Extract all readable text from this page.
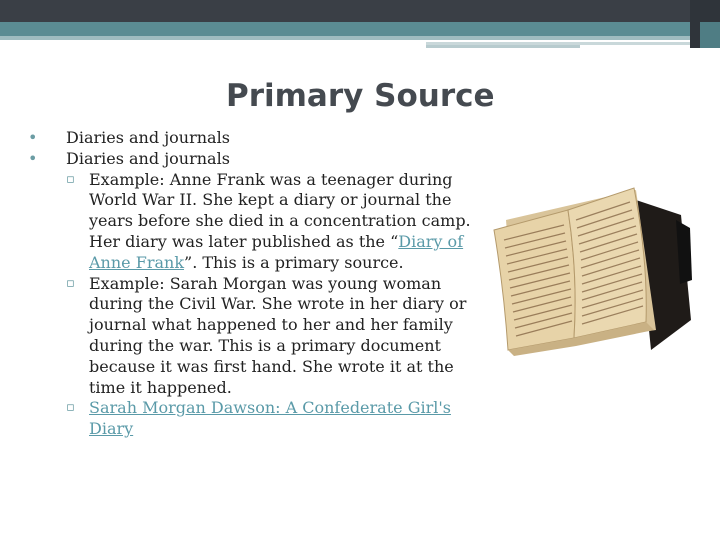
Primary Source

• Diaries and journals

• Diaries and journals

▫ Example: Anne Frank was a teenager during World War II. She kept a diary or journal the years before she died in a concentration camp. Her diary was later published as the “Diary of Anne Frank”. This is a primary source.

▫ Example: Sarah Morgan was young woman during the Civil War. She wrote in her diary or journal what happened to her and her family during the war. This is a primary document because it was first hand. She wrote it at the time it happened.

▫ Sarah Morgan Dawson: A Confederate Girl's Diary
